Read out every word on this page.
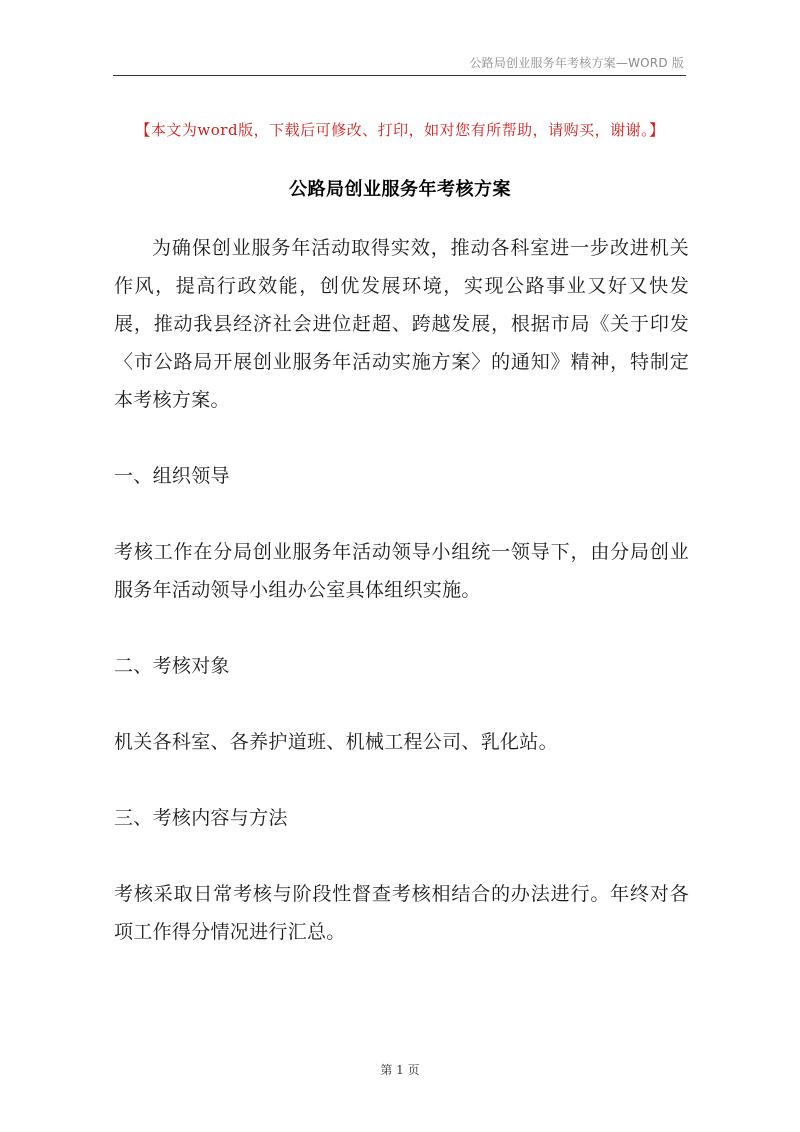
公路局创业服务年考核方案—WORD 版
【本文为word版，下载后可修改、打印，如对您有所帮助，请购买，谢谢。】
公路局创业服务年考核方案

为确保创业服务年活动取得实效，推动各科室进一步改进机关作风，提高行政效能，创优发展环境，实现公路事业又好又快发展，推动我县经济社会进位赶超、跨越发展，根据市局《关于印发〈市公路局开展创业服务年活动实施方案〉的通知》精神，特制定本考核方案。

一、组织领导

考核工作在分局创业服务年活动领导小组统一领导下，由分局创业服务年活动领导小组办公室具体组织实施。

二、考核对象

机关各科室、各养护道班、机械工程公司、乳化站。

三、考核内容与方法

考核采取日常考核与阶段性督查考核相结合的办法进行。年终对各项工作得分情况进行汇总。

第 1 页
